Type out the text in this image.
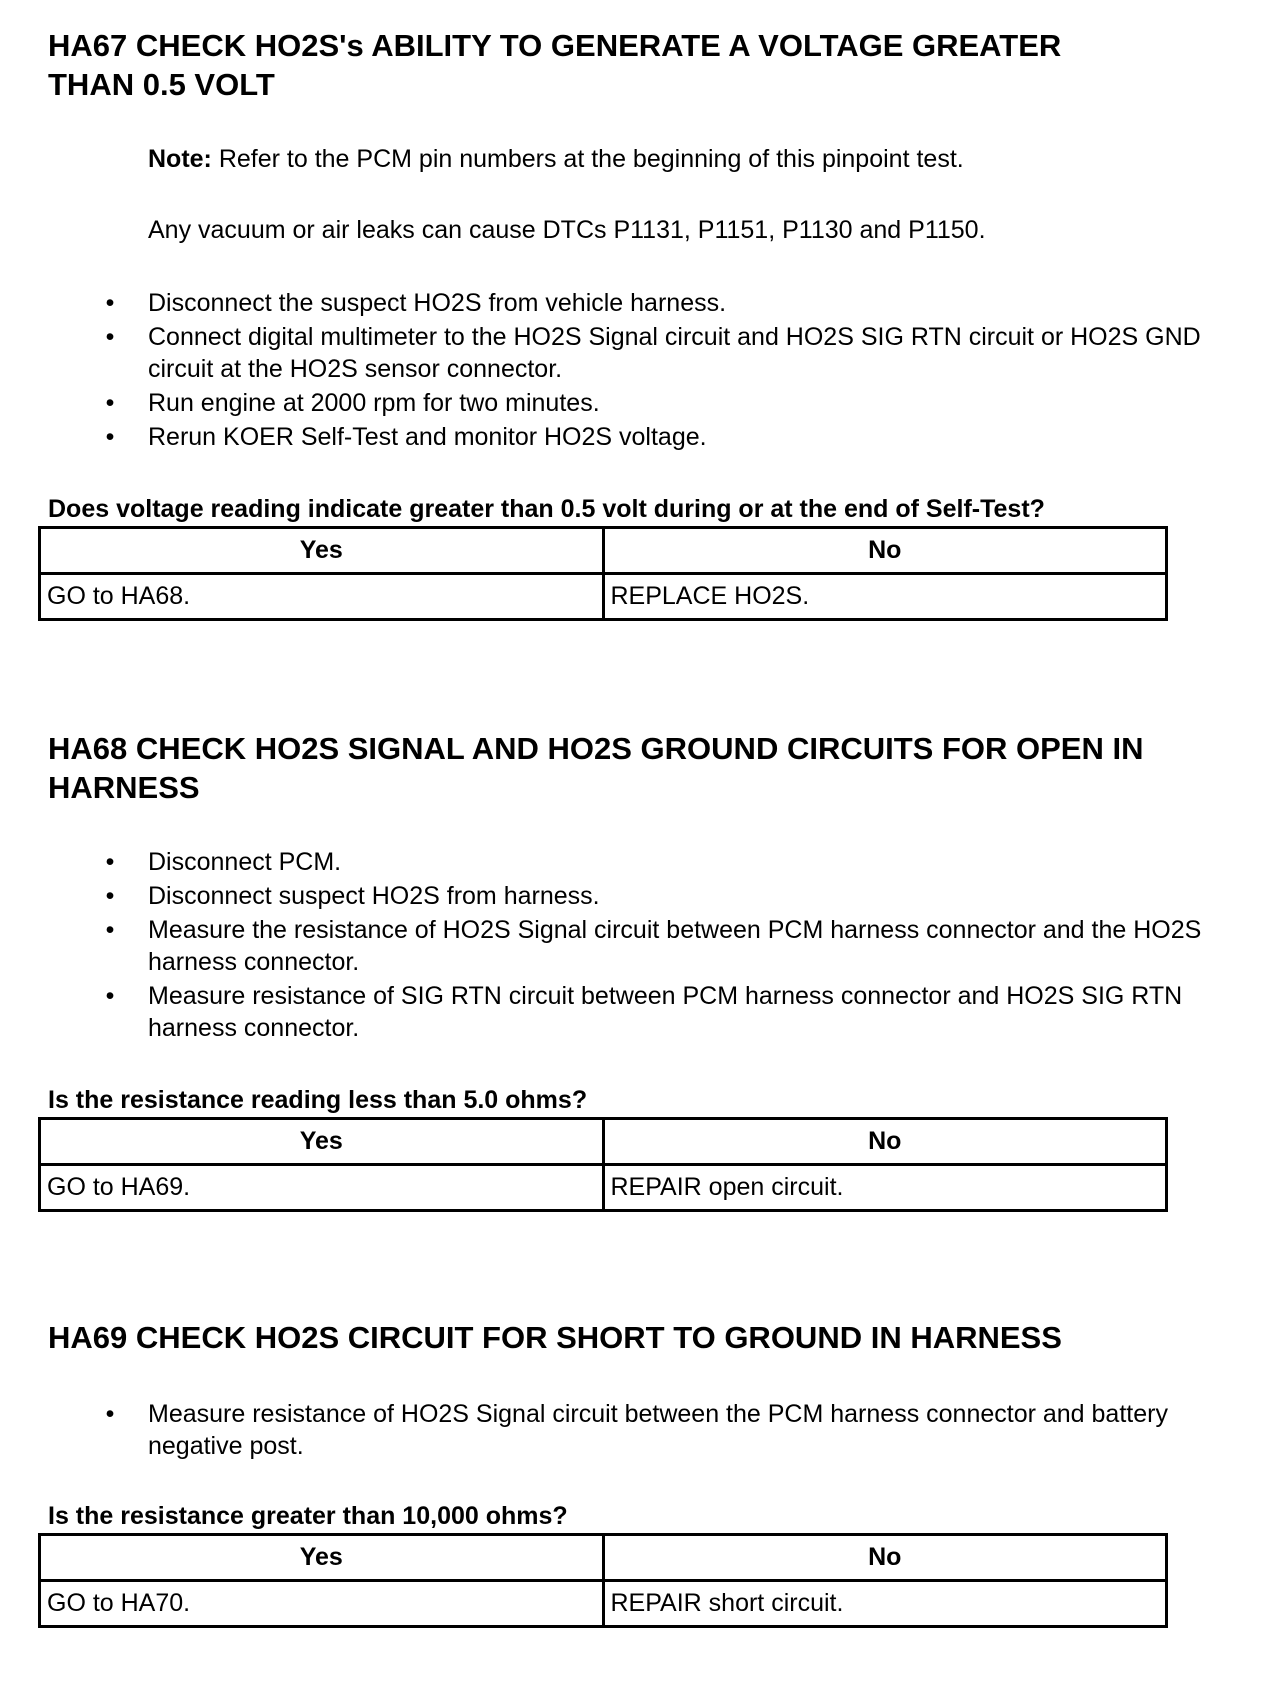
HA67 CHECK HO2S's ABILITY TO GENERATE A VOLTAGE GREATER
THAN 0.5 VOLT

Note: Refer to the PCM pin numbers at the beginning of this pinpoint test.

Any vacuum or air leaks can cause DTCs P1131, P1151, P1130 and P1150.

• Disconnect the suspect HO2S from vehicle harness.
• Connect digital multimeter to the HO2S Signal circuit and HO2S SIG RTN circuit or HO2S GND circuit at the HO2S sensor connector.
• Run engine at 2000 rpm for two minutes.
• Rerun KOER Self-Test and monitor HO2S voltage.

Does voltage reading indicate greater than 0.5 volt during or at the end of Self-Test?

Yes	No
GO to HA68.	REPLACE HO2S.
HA68 CHECK HO2S SIGNAL AND HO2S GROUND CIRCUITS FOR OPEN IN
HARNESS
• Disconnect PCM.
• Disconnect suspect HO2S from harness.
• Measure the resistance of HO2S Signal circuit between PCM harness connector and the HO2S harness connector.
• Measure resistance of SIG RTN circuit between PCM harness connector and HO2S SIG RTN harness connector.

Is the resistance reading less than 5.0 ohms?

Yes	No
GO to HA69.	REPAIR open circuit.
HA69 CHECK HO2S CIRCUIT FOR SHORT TO GROUND IN HARNESS
• Measure resistance of HO2S Signal circuit between the PCM harness connector and battery negative post.

Is the resistance greater than 10,000 ohms?

Yes	No
GO to HA70.	REPAIR short circuit.
